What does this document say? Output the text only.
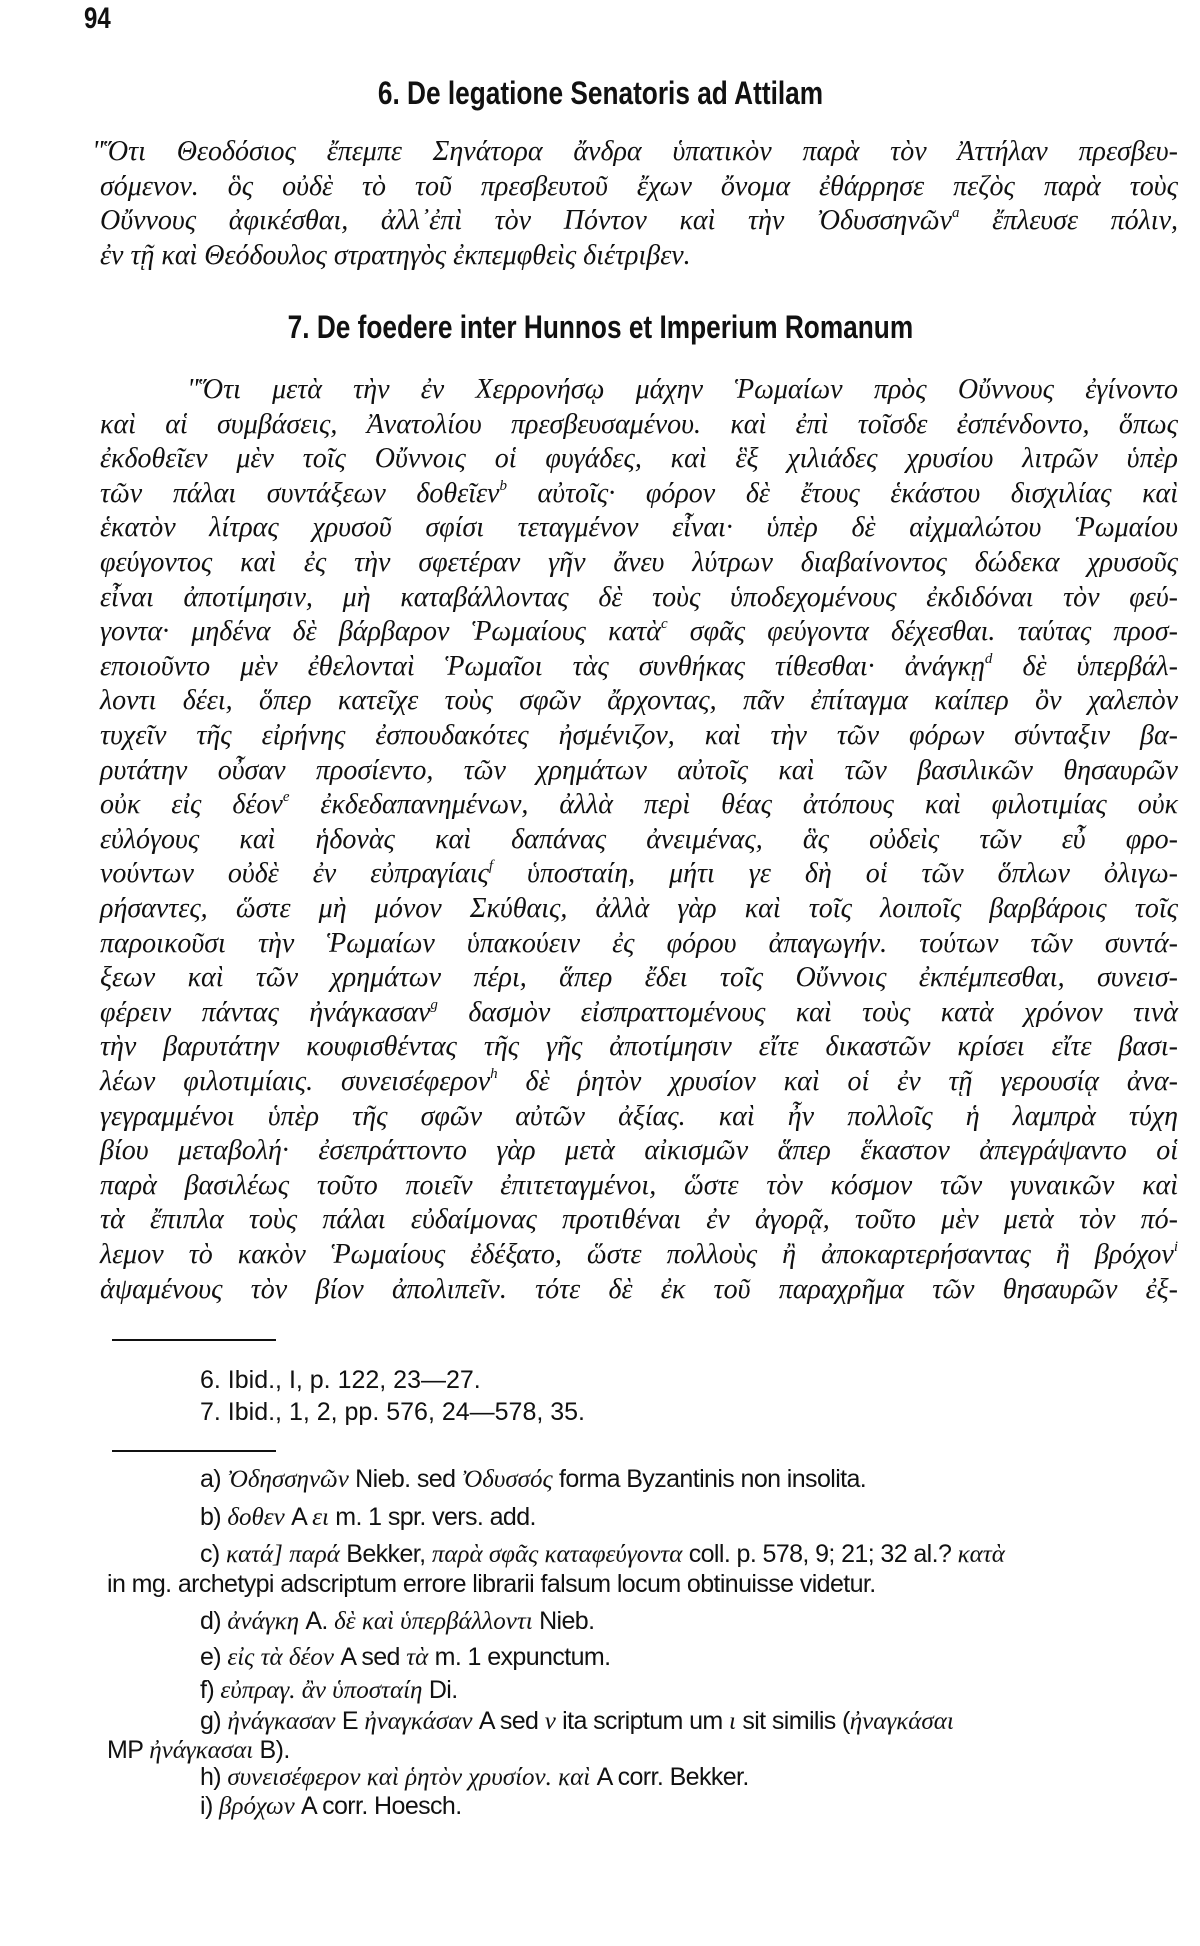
94
6. De legatione Senatoris ad Attilam
"Ὅτι Θεοδόσιος ἔπεμπε Σηνάτορα ἄνδρα ὑπατικὸν παρὰ τὸν Ἀττήλαν πρεσβευ-
σόμενον. ὃς οὐδὲ τὸ τοῦ πρεσβευτοῦ ἔχων ὄνομα ἐθάρρησε πεζὸς παρὰ τοὺς
Οὔννους ἀφικέσθαι, ἀλλ᾽ἐπὶ τὸν Πόντον καὶ τὴν Ὀδυσσηνῶν$^a$ ἔπλευσε πόλιν,
ἐν τῇ καὶ Θεόδουλος στρατηγὸς ἐκπεμφθεὶς διέτριβεν.
7. De foedere inter Hunnos et Imperium Romanum
"Ὅτι μετὰ τὴν ἐν Χερρονήσῳ μάχην Ῥωμαίων πρὸς Οὔννους ἐγίνοντο
καὶ αἱ συμβάσεις, Ἀνατολίου πρεσβευσαμένου. καὶ ἐπὶ τοῖσδε ἐσπένδοντο, ὅπως
ἐκδοθεῖεν μὲν τοῖς Οὔννοις οἱ φυγάδες, καὶ ἓξ χιλιάδες χρυσίου λιτρῶν ὑπὲρ
τῶν πάλαι συντάξεων δοθεῖεν$^b$ αὐτοῖς· φόρον δὲ ἔτους ἑκάστου δισχιλίας καὶ
ἑκατὸν λίτρας χρυσοῦ σφίσι τεταγμένον εἶναι· ὑπὲρ δὲ αἰχμαλώτου Ῥωμαίου
φεύγοντος καὶ ἐς τὴν σφετέραν γῆν ἄνευ λύτρων διαβαίνοντος δώδεκα χρυσοῦς
εἶναι ἀποτίμησιν, μὴ καταβάλλοντας δὲ τοὺς ὑποδεχομένους ἐκδιδόναι τὸν φεύ-
γοντα· μηδένα δὲ βάρβαρον Ῥωμαίους κατὰ$^c$ σφᾶς φεύγοντα δέχεσθαι. ταύτας προσ-
εποιοῦντο μὲν ἐθελονταὶ Ῥωμαῖοι τὰς συνθήκας τίθεσθαι· ἀνάγκῃ$^d$ δὲ ὑπερβάλ-
λοντι δέει, ὅπερ κατεῖχε τοὺς σφῶν ἄρχοντας, πᾶν ἐπίταγμα καίπερ ὂν χαλεπὸν
τυχεῖν τῆς εἰρήνης ἐσπουδακότες ἠσμένιζον, καὶ τὴν τῶν φόρων σύνταξιν βα-
ρυτάτην οὖσαν προσίεντο, τῶν χρημάτων αὐτοῖς καὶ τῶν βασιλικῶν θησαυρῶν
οὐκ εἰς δέον$^e$ ἐκδεδαπανημένων, ἀλλὰ περὶ θέας ἀτόπους καὶ φιλοτιμίας οὐκ
εὐλόγους καὶ ἡδονὰς καὶ δαπάνας ἀνειμένας, ἃς οὐδεὶς τῶν εὖ φρο-
νούντων οὐδὲ ἐν εὐπραγίαις$^f$ ὑποσταίη, μήτι γε δὴ οἱ τῶν ὅπλων ὀλιγω-
ρήσαντες, ὥστε μὴ μόνον Σκύθαις, ἀλλὰ γὰρ καὶ τοῖς λοιποῖς βαρβάροις τοῖς
παροικοῦσι τὴν Ῥωμαίων ὑπακούειν ἐς φόρου ἀπαγωγήν. τούτων τῶν συντά-
ξεων καὶ τῶν χρημάτων πέρι, ἅπερ ἔδει τοῖς Οὔννοις ἐκπέμπεσθαι, συνεισ-
φέρειν πάντας ἠνάγκασαν$^g$ δασμὸν εἰσπραττομένους καὶ τοὺς κατὰ χρόνον τινὰ
τὴν βαρυτάτην κουφισθέντας τῆς γῆς ἀποτίμησιν εἴτε δικαστῶν κρίσει εἴτε βασι-
λέων φιλοτιμίαις. συνεισέφερον$^h$ δὲ ῥητὸν χρυσίον καὶ οἱ ἐν τῇ γερουσίᾳ ἀνα-
γεγραμμένοι ὑπὲρ τῆς σφῶν αὐτῶν ἀξίας. καὶ ἦν πολλοῖς ἡ λαμπρὰ τύχη
βίου μεταβολή· ἐσεπράττοντο γὰρ μετὰ αἰκισμῶν ἅπερ ἕκαστον ἀπεγράψαντο οἱ
παρὰ βασιλέως τοῦτο ποιεῖν ἐπιτεταγμένοι, ὥστε τὸν κόσμον τῶν γυναικῶν καὶ
τὰ ἔπιπλα τοὺς πάλαι εὐδαίμονας προτιθέναι ἐν ἀγορᾷ, τοῦτο μὲν μετὰ τὸν πό-
λεμον τὸ κακὸν Ῥωμαίους ἐδέξατο, ὥστε πολλοὺς ἢ ἀποκαρτερήσαντας ἢ βρόχον$^i$
ἁψαμένους τὸν βίον ἀπολιπεῖν. τότε δὲ ἐκ τοῦ παραχρῆμα τῶν θησαυρῶν ἐξ-
6. Ibid., I, p. 122, 23—27.
7. Ibid., 1, 2, pp. 576, 24—578, 35.
a) Ὀδησσηνῶν Nieb. sed Ὀδυσσός forma Byzantinis non insolita.
b) δοθεν A ει m. 1 spr. vers. add.
c) κατά] παρά Bekker, παρὰ σφᾶς καταφεύγοντα coll. p. 578, 9; 21; 32 al.? κατὰ
in mg. archetypi adscriptum errore librarii falsum locum obtinuisse videtur.
d) ἀνάγκη A. δὲ καὶ ὑπερβάλλοντι Nieb.
e) εἰς τὰ δέον A sed τὰ m. 1 expunctum.
f) εὐπραγ. ἂν ὑποσταίη Di.
g) ἠνάγκασαν E ἠναγκάσαν A sed ν ita scriptum um ι sit similis (ἠναγκάσαι
MP ἠνάγκασαι B).
h) συνεισέφερον καὶ ῥητὸν χρυσίον. καὶ A corr. Bekker.
i) βρόχων A corr. Hoesch.
